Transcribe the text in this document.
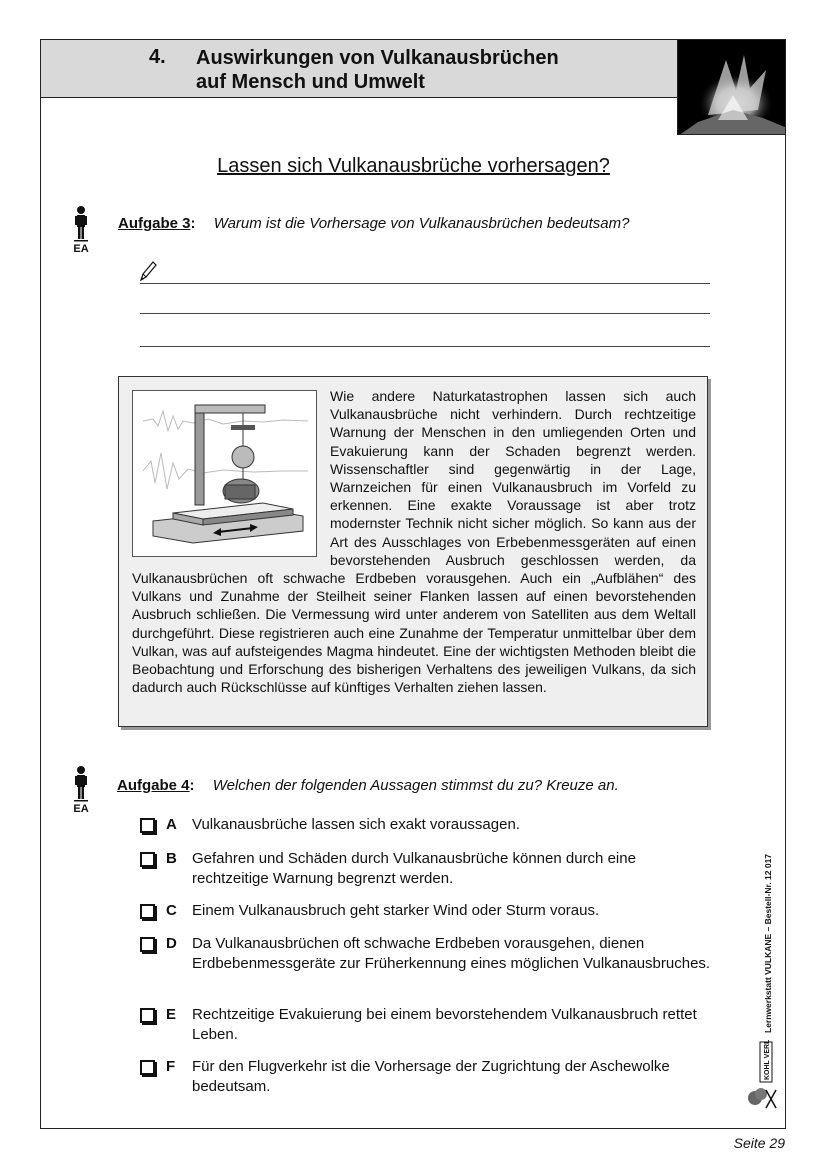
4. Auswirkungen von Vulkanausbrüchen
auf Mensch und Umwelt
Lassen sich Vulkanausbrüche vorhersagen?
EA
Aufgabe 3: Warum ist die Vorhersage von Vulkanausbrüchen bedeutsam?
Wie andere Naturkatastrophen lassen sich auch Vulkanausbrüche nicht verhindern. Durch rechtzeitige Warnung der Menschen in den umliegenden Orten und Evakuierung kann der Schaden begrenzt werden. Wissenschaftler sind gegenwärtig in der Lage, Warnzeichen für einen Vulkanausbruch im Vorfeld zu erkennen. Eine exakte Voraussage ist aber trotz modernster Technik nicht sicher möglich. So kann aus der Art des Ausschlages von Erbebenmessgeräten auf einen bevorstehenden Ausbruch geschlossen werden, da Vulkanausbrüchen oft schwache Erdbeben vorausgehen. Auch ein „Aufblähen“ des Vulkans und Zunahme der Steilheit seiner Flanken lassen auf einen bevorstehenden Ausbruch schließen. Die Vermessung wird unter anderem von Satelliten aus dem Weltall durchgeführt. Diese registrieren auch eine Zunahme der Temperatur unmittelbar über dem Vulkan, was auf aufsteigendes Magma hindeutet. Eine der wichtigsten Methoden bleibt die Beobachtung und Erforschung des bisherigen Verhaltens des jeweiligen Vulkans, da sich dadurch auch Rückschlüsse auf künftiges Verhalten ziehen lassen.
EA
Aufgabe 4: Welchen der folgenden Aussagen stimmst du zu? Kreuze an.
A Vulkanausbrüche lassen sich exakt voraussagen.
B Gefahren und Schäden durch Vulkanausbrüche können durch eine rechtzeitige Warnung begrenzt werden.
C Einem Vulkanausbruch geht starker Wind oder Sturm voraus.
D Da Vulkanausbrüchen oft schwache Erdbeben vorausgehen, dienen Erdbebenmessgeräte zur Früherkennung eines möglichen Vulkanausbruches.
E Rechtzeitige Evakuierung bei einem bevorstehendem Vulkanausbruch rettet Leben.
F Für den Flugverkehr ist die Vorhersage der Zugrichtung der Aschewolke bedeutsam.
Lernwerkstatt VULKANE – Bestell-Nr. 12 017
KOHL VERLAG
Seite 29
